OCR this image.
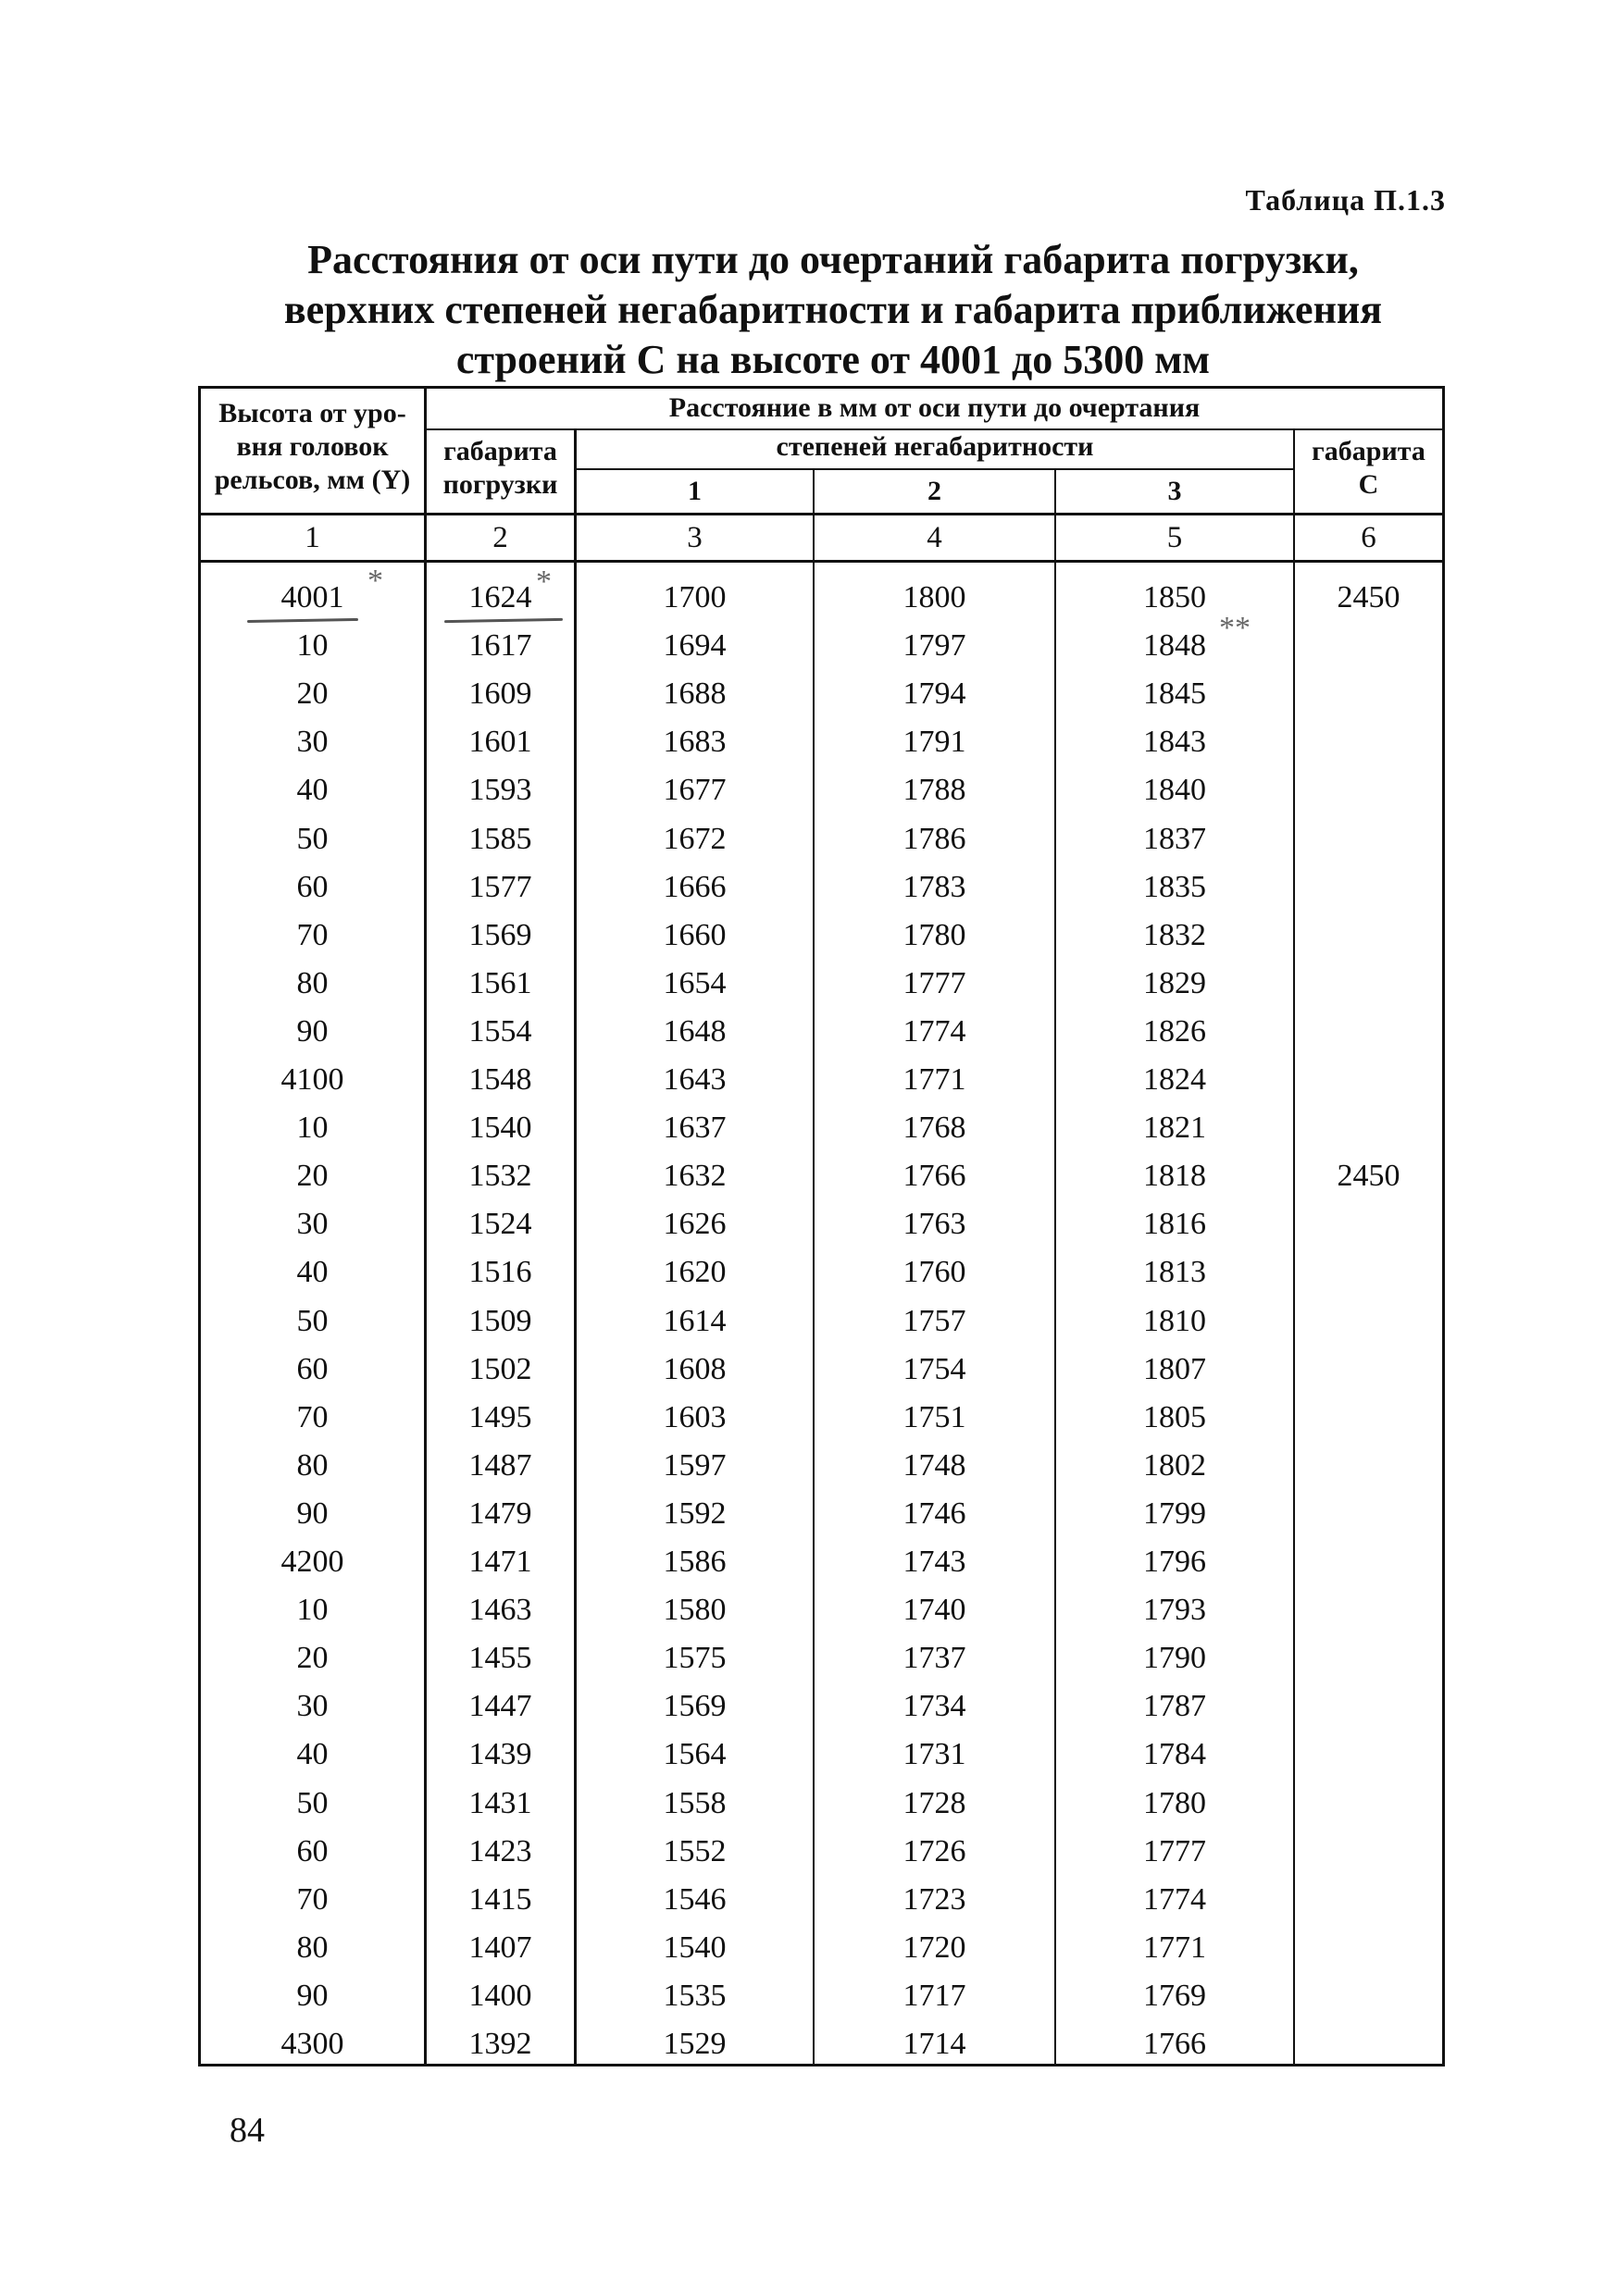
Таблица П.1.3
Расстояния от оси пути до очертаний габарита погрузки,
верхних степеней негабаритности и габарита приближения
строений С на высоте от 4001 до 5300 мм
Высота от уро-
вня головок
рельсов, мм (Y)
Расстояние в мм от оси пути до очертания
габарита
погрузки
степеней негабаритности
1	2	3
габарита
С
1	2	3	4	5	6
4001	1624	1700	1800	1850	2450
10	1617	1694	1797	1848
20	1609	1688	1794	1845
30	1601	1683	1791	1843
40	1593	1677	1788	1840
50	1585	1672	1786	1837
60	1577	1666	1783	1835
70	1569	1660	1780	1832
80	1561	1654	1777	1829
90	1554	1648	1774	1826
4100	1548	1643	1771	1824
10	1540	1637	1768	1821
20	1532	1632	1766	1818	2450
30	1524	1626	1763	1816
40	1516	1620	1760	1813
50	1509	1614	1757	1810
60	1502	1608	1754	1807
70	1495	1603	1751	1805
80	1487	1597	1748	1802
90	1479	1592	1746	1799
4200	1471	1586	1743	1796
10	1463	1580	1740	1793
20	1455	1575	1737	1790
30	1447	1569	1734	1787
40	1439	1564	1731	1784
50	1431	1558	1728	1780
60	1423	1552	1726	1777
70	1415	1546	1723	1774
80	1407	1540	1720	1771
90	1400	1535	1717	1769
4300	1392	1529	1714	1766
*	*
**
84
